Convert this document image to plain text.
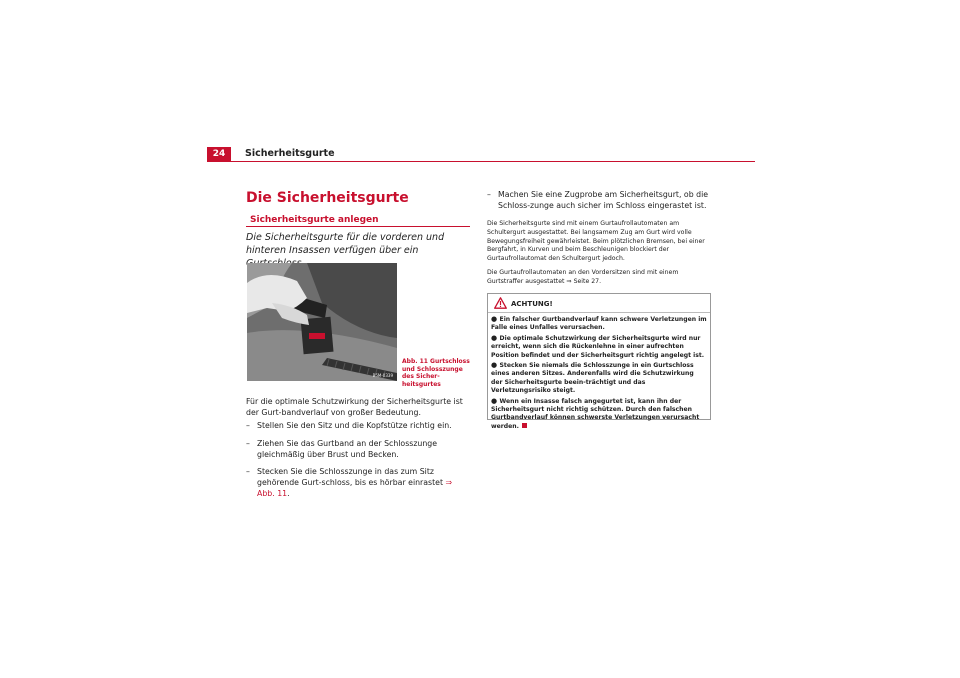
24	Sicherheitsgurte
Die Sicherheitsgurte
Sicherheitsgurte anlegen
Die Sicherheitsgurte für die vorderen und hinteren Insassen verfügen über ein
B5M-0339
Abb. 11 Gurtschloss und Schlosszunge des Sicher-heitsgurtes
Für die optimale Schutzwirkung der Sicherheitsgurte ist der Gurt-bandverlauf von großer Bedeutung.
– Stellen Sie den Sitz und die Kopfstütze richtig ein.
– Ziehen Sie das Gurtband an der Schlosszunge gleichmäßig über Brust und Becken.
– Stecken Sie die Schlosszunge in das zum Sitz gehörende Gurt-schloss, bis es hörbar einrastet ⇒ Abb. 11.
– Machen Sie eine Zugprobe am Sicherheitsgurt, ob die Schloss-zunge auch sicher im Schloss eingerastet ist.
Die Sicherheitsgurte sind mit einem Gurtaufrollautomaten am Schultergurt ausgestattet. Bei langsamem Zug am Gurt wird volle Bewegungsfreiheit gewährleistet. Beim plötzlichen Bremsen, bei einer Bergfahrt, in Kurven und beim Beschleunigen blockiert der Gurtaufrollautomat den Schultergurt jedoch.
Die Gurtaufrollautomaten an den Vordersitzen sind mit einem Gurtstraffer ausgestattet ⇒ Seite 27.
ACHTUNG!
● Ein falscher Gurtbandverlauf kann schwere Verletzungen im Falle eines Unfalles verursachen.
● Die optimale Schutzwirkung der Sicherheitsgurte wird nur erreicht, wenn sich die Rückenlehne in einer aufrechten Position befindet und der Sicherheitsgurt richtig angelegt ist.
● Stecken Sie niemals die Schlosszunge in ein Gurtschloss eines anderen Sitzes. Anderenfalls wird die Schutzwirkung der Sicherheitsgurte beein-trächtigt und das Verletzungsrisiko steigt.
● Wenn ein Insasse falsch angegurtet ist, kann ihn der Sicherheitsgurt nicht richtig schützen. Durch den falschen Gurtbandverlauf können schwerste Verletzungen verursacht werden.
